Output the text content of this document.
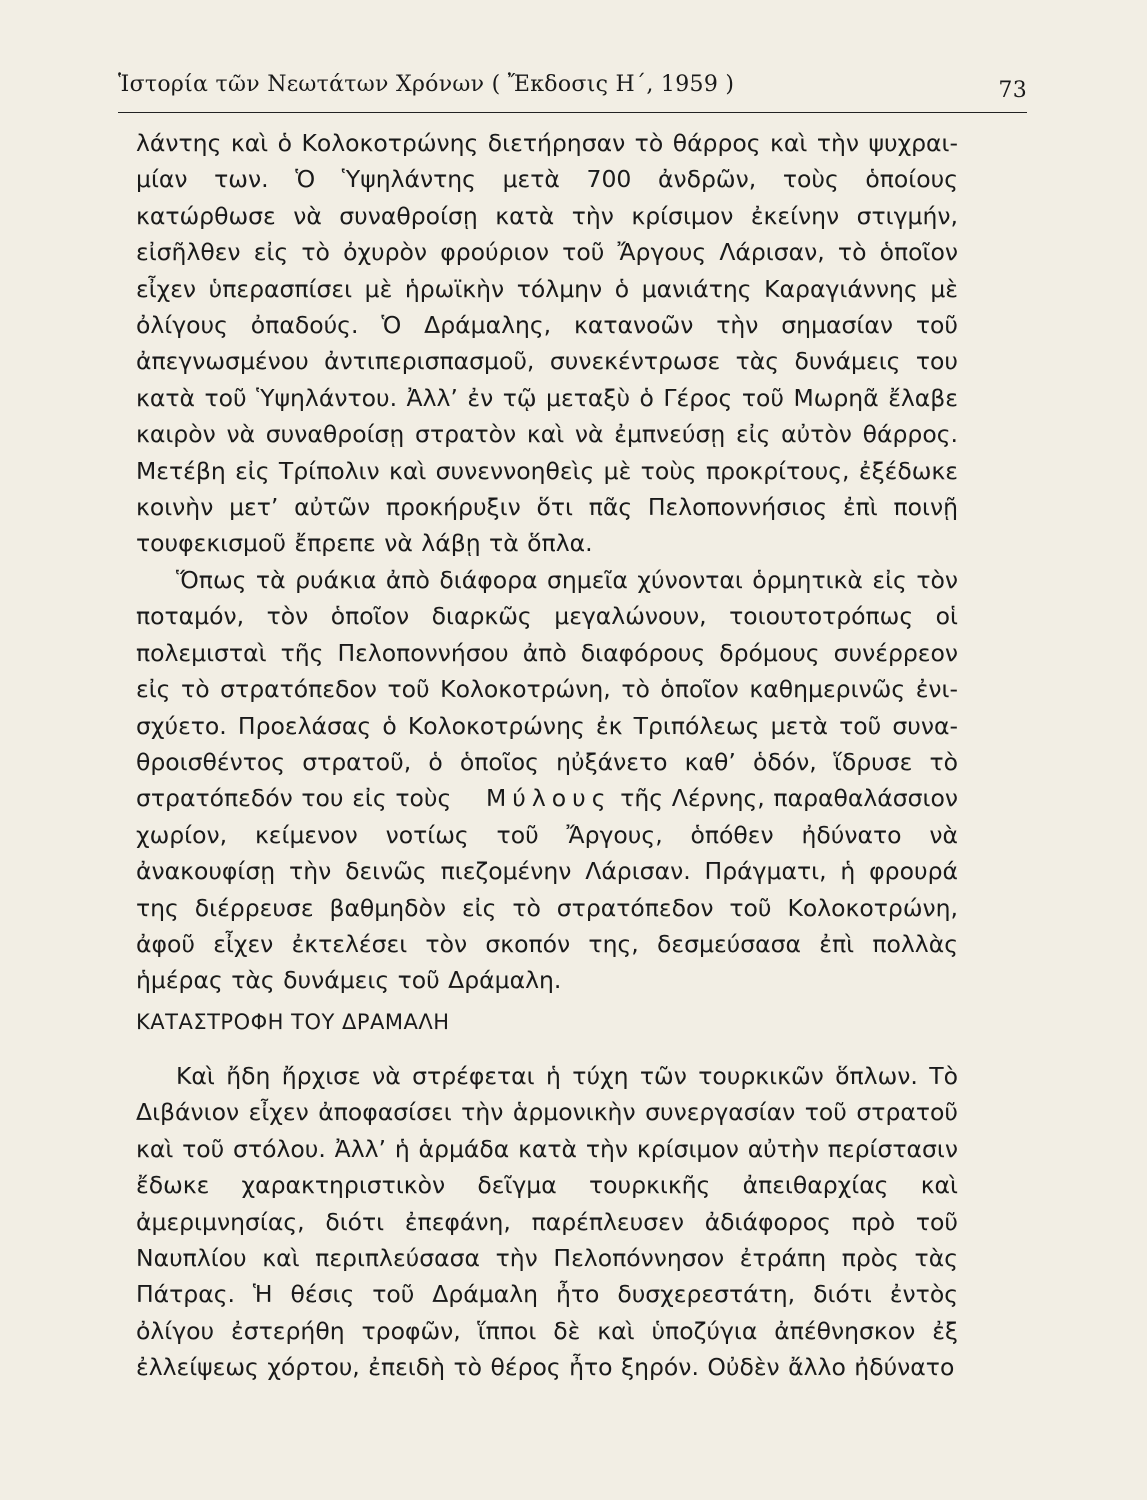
Ἱστορία τῶν Νεωτάτων Χρόνων ( Ἔκδοσις Η΄, 1959 )	73

λάντης καὶ ὁ Κολοκοτρώνης διετήρησαν τὸ θάρρος καὶ τὴν ψυχραιμίαν των. Ὁ Ὑψηλάντης μετὰ 700 ἀνδρῶν, τοὺς ὁποίους κατώρθωσε νὰ συναθροίσῃ κατὰ τὴν κρίσιμον ἐκείνην στιγμήν, εἰσῆλθεν εἰς τὸ ὀχυρὸν φρούριον τοῦ Ἄργους Λάρισαν, τὸ ὁποῖον εἶχεν ὑπερασπίσει μὲ ἡρωϊκὴν τόλμην ὁ μανιάτης Καραγιάννης μὲ ὀλίγους ὀπαδούς. Ὁ Δράμαλης, κατανοῶν τὴν σημασίαν τοῦ ἀπεγνωσμένου ἀντιπερισπασμοῦ, συνεκέντρωσε τὰς δυνάμεις του κατὰ τοῦ Ὑψηλάντου. Ἀλλ’ ἐν τῷ μεταξὺ ὁ Γέρος τοῦ Μωρηᾶ ἔλαβε καιρὸν νὰ συναθροίσῃ στρατὸν καὶ νὰ ἐμπνεύσῃ εἰς αὐτὸν θάρρος. Μετέβη εἰς Τρίπολιν καὶ συνεννοηθεὶς μὲ τοὺς προκρίτους, ἐξέδωκε κοινὴν μετ’ αὐτῶν προκήρυξιν ὅτι πᾶς Πελοποννήσιος ἐπὶ ποινῇ τουφεκισμοῦ ἔπρεπε νὰ λάβῃ τὰ ὅπλα.

Ὅπως τὰ ρυάκια ἀπὸ διάφορα σημεῖα χύνονται ὁρμητικὰ εἰς τὸν ποταμόν, τὸν ὁποῖον διαρκῶς μεγαλώνουν, τοιουτοτρόπως οἱ πολεμισταὶ τῆς Πελοποννήσου ἀπὸ διαφόρους δρόμους συνέρρεον εἰς τὸ στρατόπεδον τοῦ Κολοκοτρώνη, τὸ ὁποῖον καθημερινῶς ἐνισχύετο. Προελάσας ὁ Κολοκοτρώνης ἐκ Τριπόλεως μετὰ τοῦ συναθροισθέντος στρατοῦ, ὁ ὁποῖος ηὐξάνετο καθ’ ὁδόν, ἵδρυσε τὸ στρατόπεδόν του εἰς τοὺς Μύλους τῆς Λέρνης, παραθαλάσσιον χωρίον, κείμενον νοτίως τοῦ Ἄργους, ὁπόθεν ἠδύνατο νὰ ἀνακουφίσῃ τὴν δεινῶς πιεζομένην Λάρισαν. Πράγματι, ἡ φρουρά της διέρρευσε βαθμηδὸν εἰς τὸ στρατόπεδον τοῦ Κολοκοτρώνη, ἀφοῦ εἶχεν ἐκτελέσει τὸν σκοπόν της, δεσμεύσασα ἐπὶ πολλὰς ἡμέρας τὰς δυνάμεις τοῦ Δράμαλη.

ΚΑΤΑΣΤΡΟΦΗ ΤΟΥ ΔΡΑΜΑΛΗ

Καὶ ἤδη ἤρχισε νὰ στρέφεται ἡ τύχη τῶν τουρκικῶν ὅπλων. Τὸ Διβάνιον εἶχεν ἀποφασίσει τὴν ἁρμονικὴν συνεργασίαν τοῦ στρατοῦ καὶ τοῦ στόλου. Ἀλλ’ ἡ ἁρμάδα κατὰ τὴν κρίσιμον αὐτὴν περίστασιν ἔδωκε χαρακτηριστικὸν δεῖγμα τουρκικῆς ἀπειθαρχίας καὶ ἀμεριμνησίας, διότι ἐπεφάνη, παρέπλευσεν ἀδιάφορος πρὸ τοῦ Ναυπλίου καὶ περιπλεύσασα τὴν Πελοπόννησον ἐτράπη πρὸς τὰς Πάτρας. Ἡ θέσις τοῦ Δράμαλη ἦτο δυσχερεστάτη, διότι ἐντὸς ὀλίγου ἐστερήθη τροφῶν, ἵπποι δὲ καὶ ὑποζύγια ἀπέθνησκον ἐξ ἐλλείψεως χόρτου, ἐπειδὴ τὸ θέρος ἦτο ξηρόν. Οὐδὲν ἄλλο ἠδύνατο
